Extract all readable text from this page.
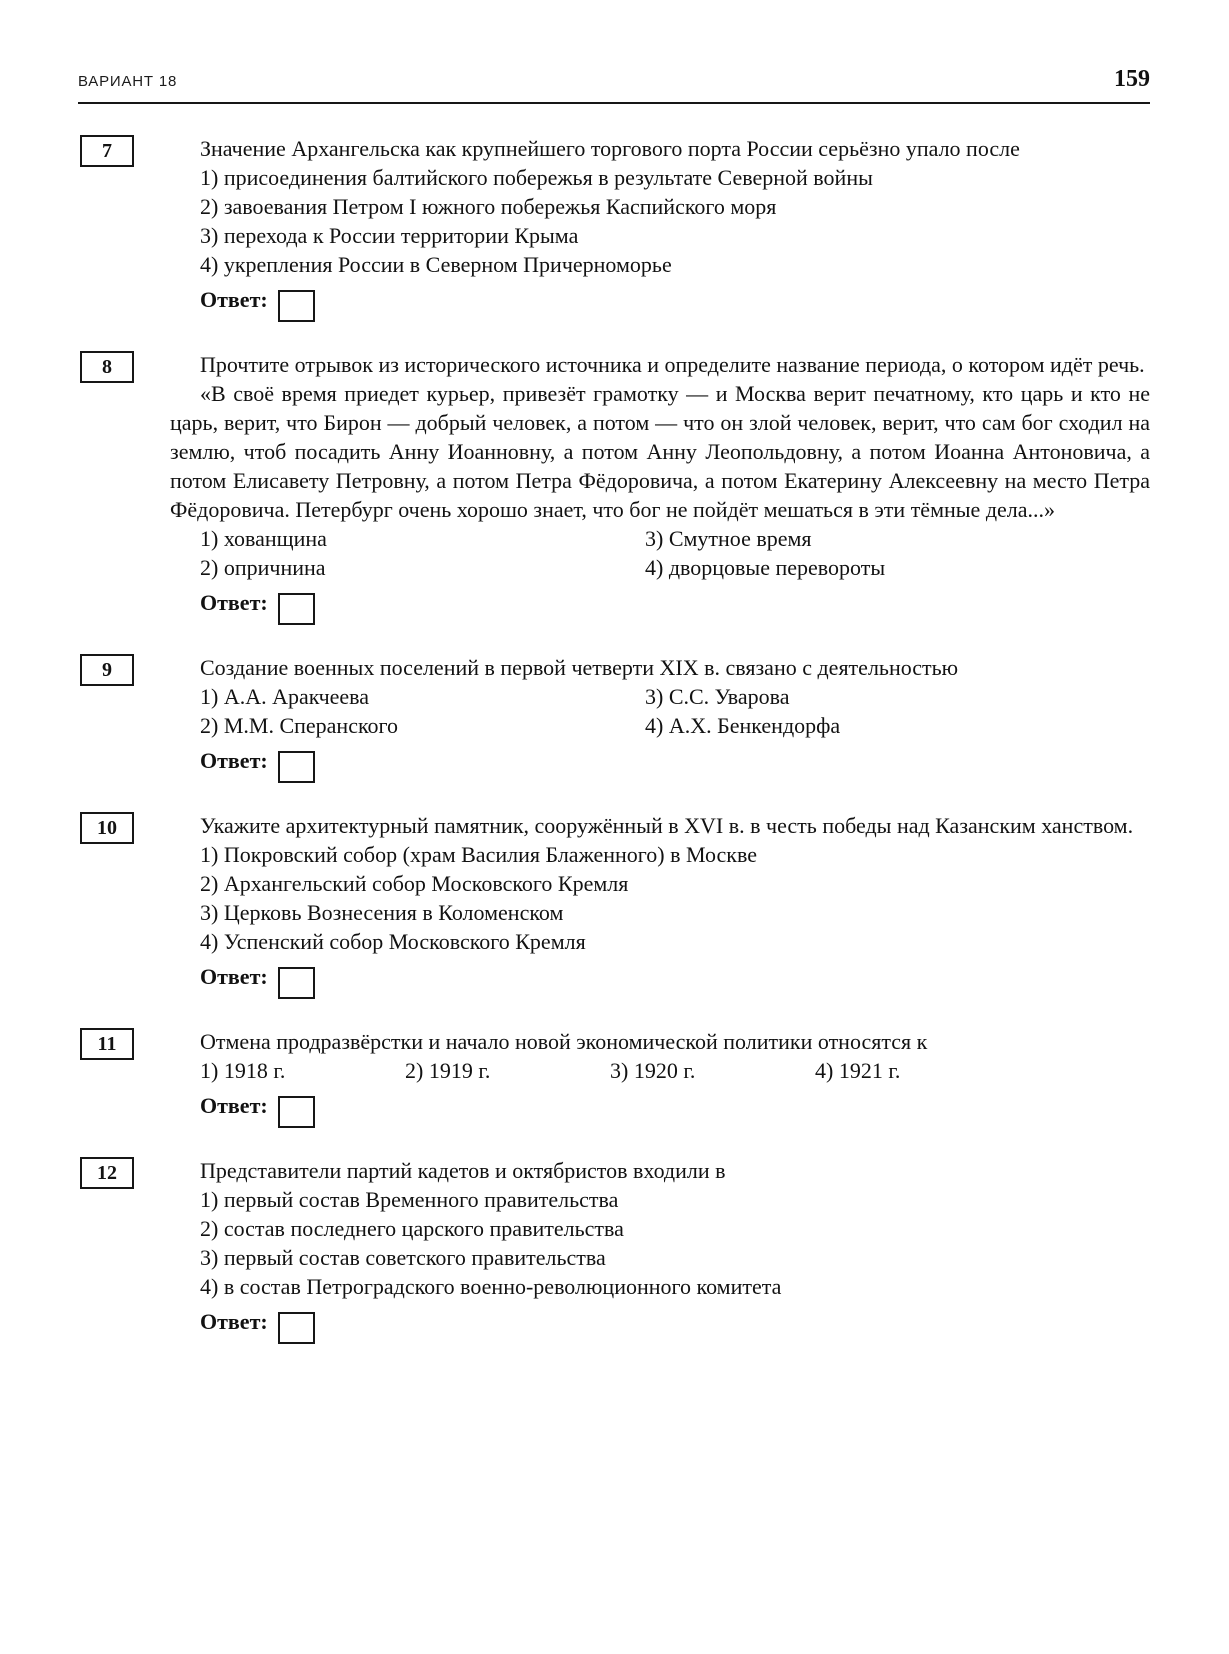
ВАРИАНТ 18	159
7	Значение Архангельска как крупнейшего торгового порта России серьёзно упало после

1) присоединения балтийского побережья в результате Северной войны
2) завоевания Петром I южного побережья Каспийского моря
3) перехода к России территории Крыма
4) укрепления России в Северном Причерноморье
Ответ:
8	Прочтите отрывок из исторического источника и определите название периода, о котором идёт речь.

«В своё время приедет курьер, привезёт грамотку — и Москва верит печатному, кто царь и кто не царь, верит, что Бирон — добрый человек, а потом — что он злой человек, верит, что сам бог сходил на землю, чтоб посадить Анну Иоанновну, а потом Анну Леопольдовну, а потом Иоанна Антоновича, а потом Елисавету Петровну, а потом Петра Фёдоровича, а потом Екатерину Алексеевну на место Петра Фёдоровича. Петербург очень хорошо знает, что бог не пойдёт мешаться в эти тёмные дела...»

1) хованщина	3) Смутное время
2) опричнина	4) дворцовые перевороты
Ответ:
9	Создание военных поселений в первой четверти XIX в. связано с деятельностью

1) А.А. Аракчеева	3) С.С. Уварова
2) М.М. Сперанского	4) А.Х. Бенкендорфа
Ответ:
10	Укажите архитектурный памятник, сооружённый в XVI в. в честь победы над Казанским ханством.

1) Покровский собор (храм Василия Блаженного) в Москве
2) Архангельский собор Московского Кремля
3) Церковь Вознесения в Коломенском
4) Успенский собор Московского Кремля
Ответ:
11	Отмена продразвёрстки и начало новой экономической политики относятся к

1) 1918 г.	2) 1919 г.	3) 1920 г.	4) 1921 г.
Ответ:
12	Представители партий кадетов и октябристов входили в

1) первый состав Временного правительства
2) состав последнего царского правительства
3) первый состав советского правительства
4) в состав Петроградского военно-революционного комитета
Ответ:
